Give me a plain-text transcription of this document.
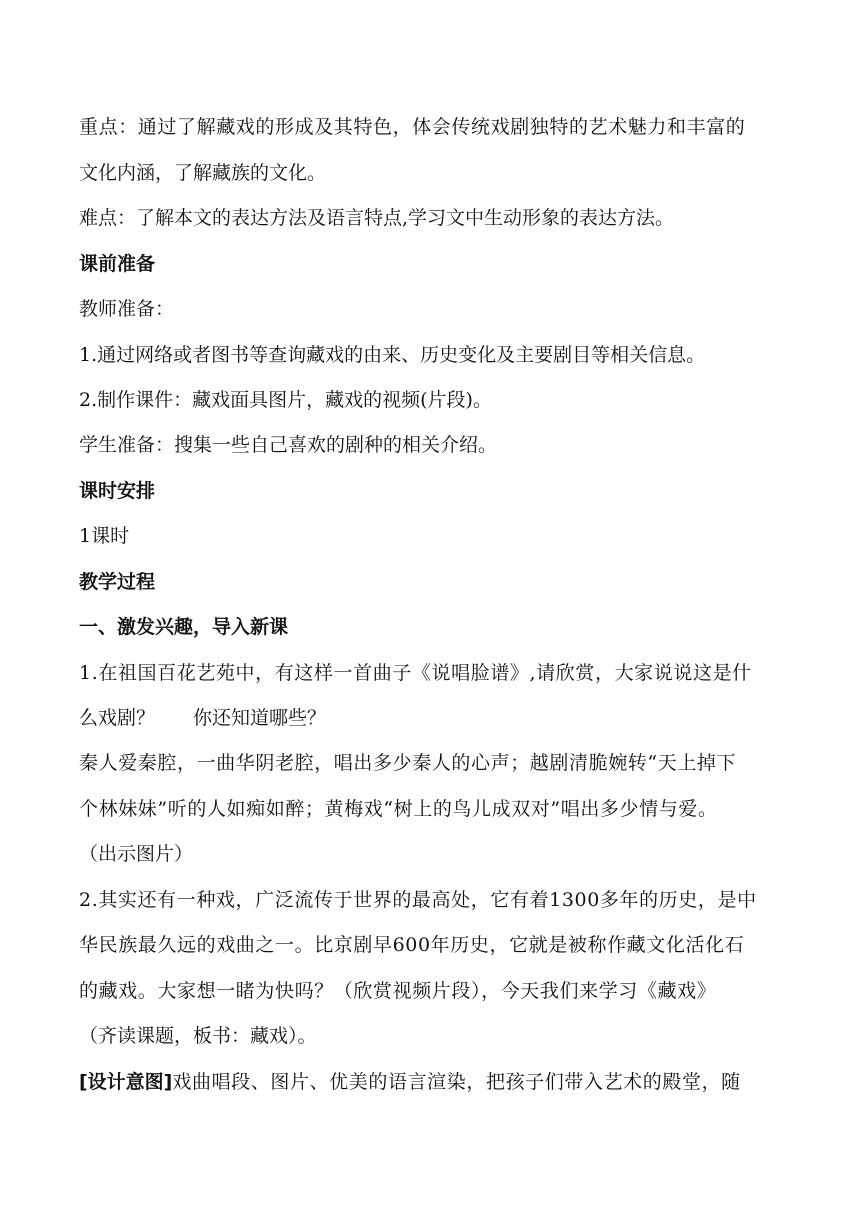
重点：通过了解藏戏的形成及其特色，体会传统戏剧独特的艺术魅力和丰富的

文化内涵，了解藏族的文化。

难点：了解本文的表达方法及语言特点,学习文中生动形象的表达方法。

课前准备

教师准备：

1.通过网络或者图书等查询藏戏的由来、历史变化及主要剧目等相关信息。

2.制作课件：藏戏面具图片，藏戏的视频(片段)。

学生准备：搜集一些自己喜欢的剧种的相关介绍。

课时安排

1课时

教学过程

一、激发兴趣，导入新课

1.在祖国百花艺苑中，有这样一首曲子《说唱脸谱》,请欣赏，大家说说这是什

么戏剧？　　你还知道哪些？

秦人爱秦腔，一曲华阴老腔，唱出多少秦人的心声；越剧清脆婉转“天上掉下

个林妹妹”听的人如痴如醉；黄梅戏“树上的鸟儿成双对”唱出多少情与爱。

（出示图片）

2.其实还有一种戏，广泛流传于世界的最高处，它有着1300多年的历史，是中

华民族最久远的戏曲之一。比京剧早600年历史，它就是被称作藏文化活化石

的藏戏。大家想一睹为快吗？（欣赏视频片段），今天我们来学习《藏戏》

（齐读课题，板书：藏戏）。

[设计意图]戏曲唱段、图片、优美的语言渲染，把孩子们带入艺术的殿堂，随
